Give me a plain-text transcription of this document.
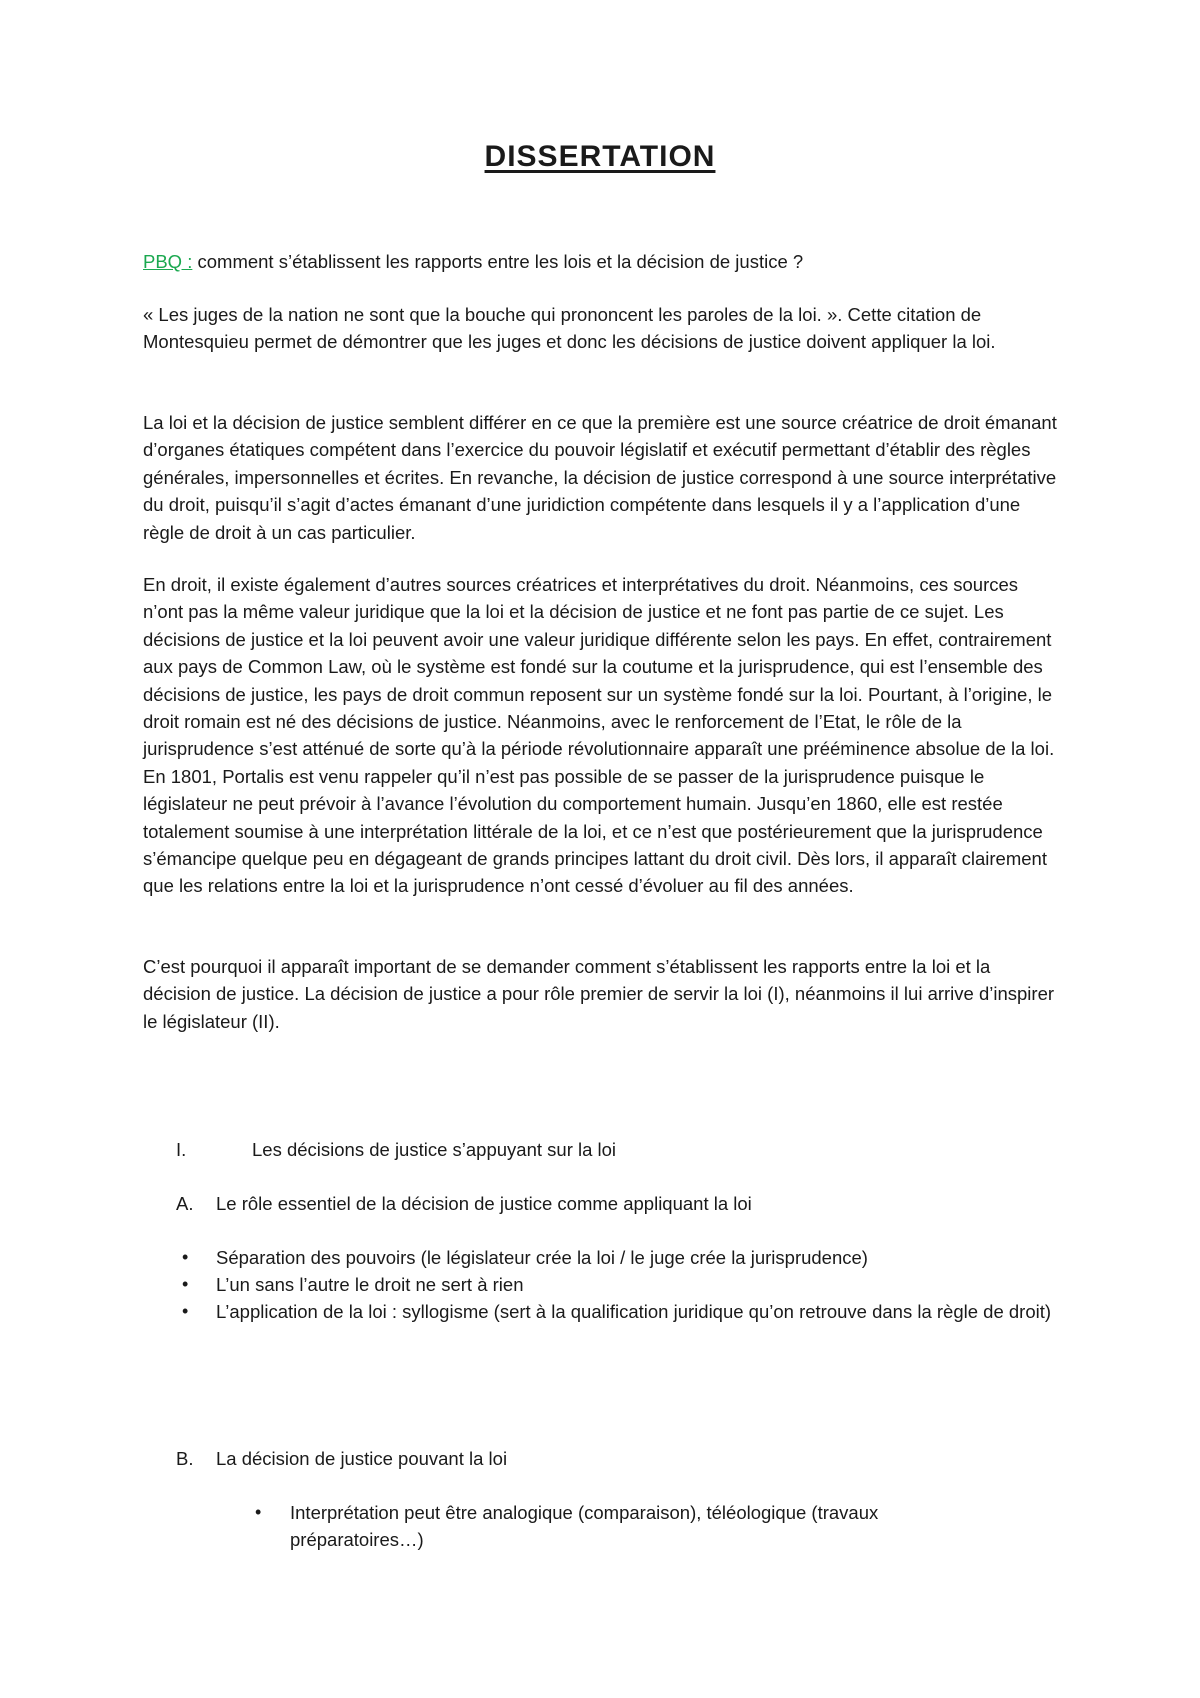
DISSERTATION
PBQ : comment s’établissent les rapports entre les lois et la décision de justice ?

« Les juges de la nation ne sont que la bouche qui prononcent les paroles de la loi. ». Cette citation de Montesquieu permet de démontrer que les juges et donc les décisions de justice doivent appliquer la loi.

La loi et la décision de justice semblent différer en ce que la première est une source créatrice de droit émanant d’organes étatiques compétent dans l’exercice du pouvoir législatif et exécutif permettant d’établir des règles générales, impersonnelles et écrites. En revanche, la décision de justice correspond à une source interprétative du droit, puisqu’il s’agit d’actes émanant d’une juridiction compétente dans lesquels il y a l’application d’une règle de droit à un cas particulier.

En droit, il existe également d’autres sources créatrices et interprétatives du droit. Néanmoins, ces sources n’ont pas la même valeur juridique que la loi et la décision de justice et ne font pas partie de ce sujet. Les décisions de justice et la loi peuvent avoir une valeur juridique différente selon les pays. En effet, contrairement aux pays de Common Law, où le système est fondé sur la coutume et la jurisprudence, qui est l’ensemble des décisions de justice, les pays de droit commun reposent sur un système fondé sur la loi. Pourtant, à l’origine, le droit romain est né des décisions de justice. Néanmoins, avec le renforcement de l’Etat, le rôle de la jurisprudence s’est atténué de sorte qu’à la période révolutionnaire apparaît une prééminence absolue de la loi. En 1801, Portalis est venu rappeler qu’il n’est pas possible de se passer de la jurisprudence puisque le législateur ne peut prévoir à l’avance l’évolution du comportement humain. Jusqu’en 1860, elle est restée totalement soumise à une interprétation littérale de la loi, et ce n’est que postérieurement que la jurisprudence s’émancipe quelque peu en dégageant de grands principes lattant du droit civil. Dès lors, il apparaît clairement que les relations entre la loi et la jurisprudence n’ont cessé d’évoluer au fil des années.

C’est pourquoi il apparaît important de se demander comment s’établissent les rapports entre la loi et la décision de justice. La décision de justice a pour rôle premier de servir la loi (I), néanmoins il lui arrive d’inspirer le législateur (II).

I.	Les décisions de justice s’appuyant sur la loi
A. Le rôle essentiel de la décision de justice comme appliquant la loi
• Séparation des pouvoirs (le législateur crée la loi / le juge crée la jurisprudence)
• L’un sans l’autre le droit ne sert à rien
• L’application de la loi : syllogisme (sert à la qualification juridique qu’on retrouve dans la règle de droit)
B. La décision de justice pouvant la loi
• Interprétation peut être analogique (comparaison), téléologique (travaux préparatoires…)
